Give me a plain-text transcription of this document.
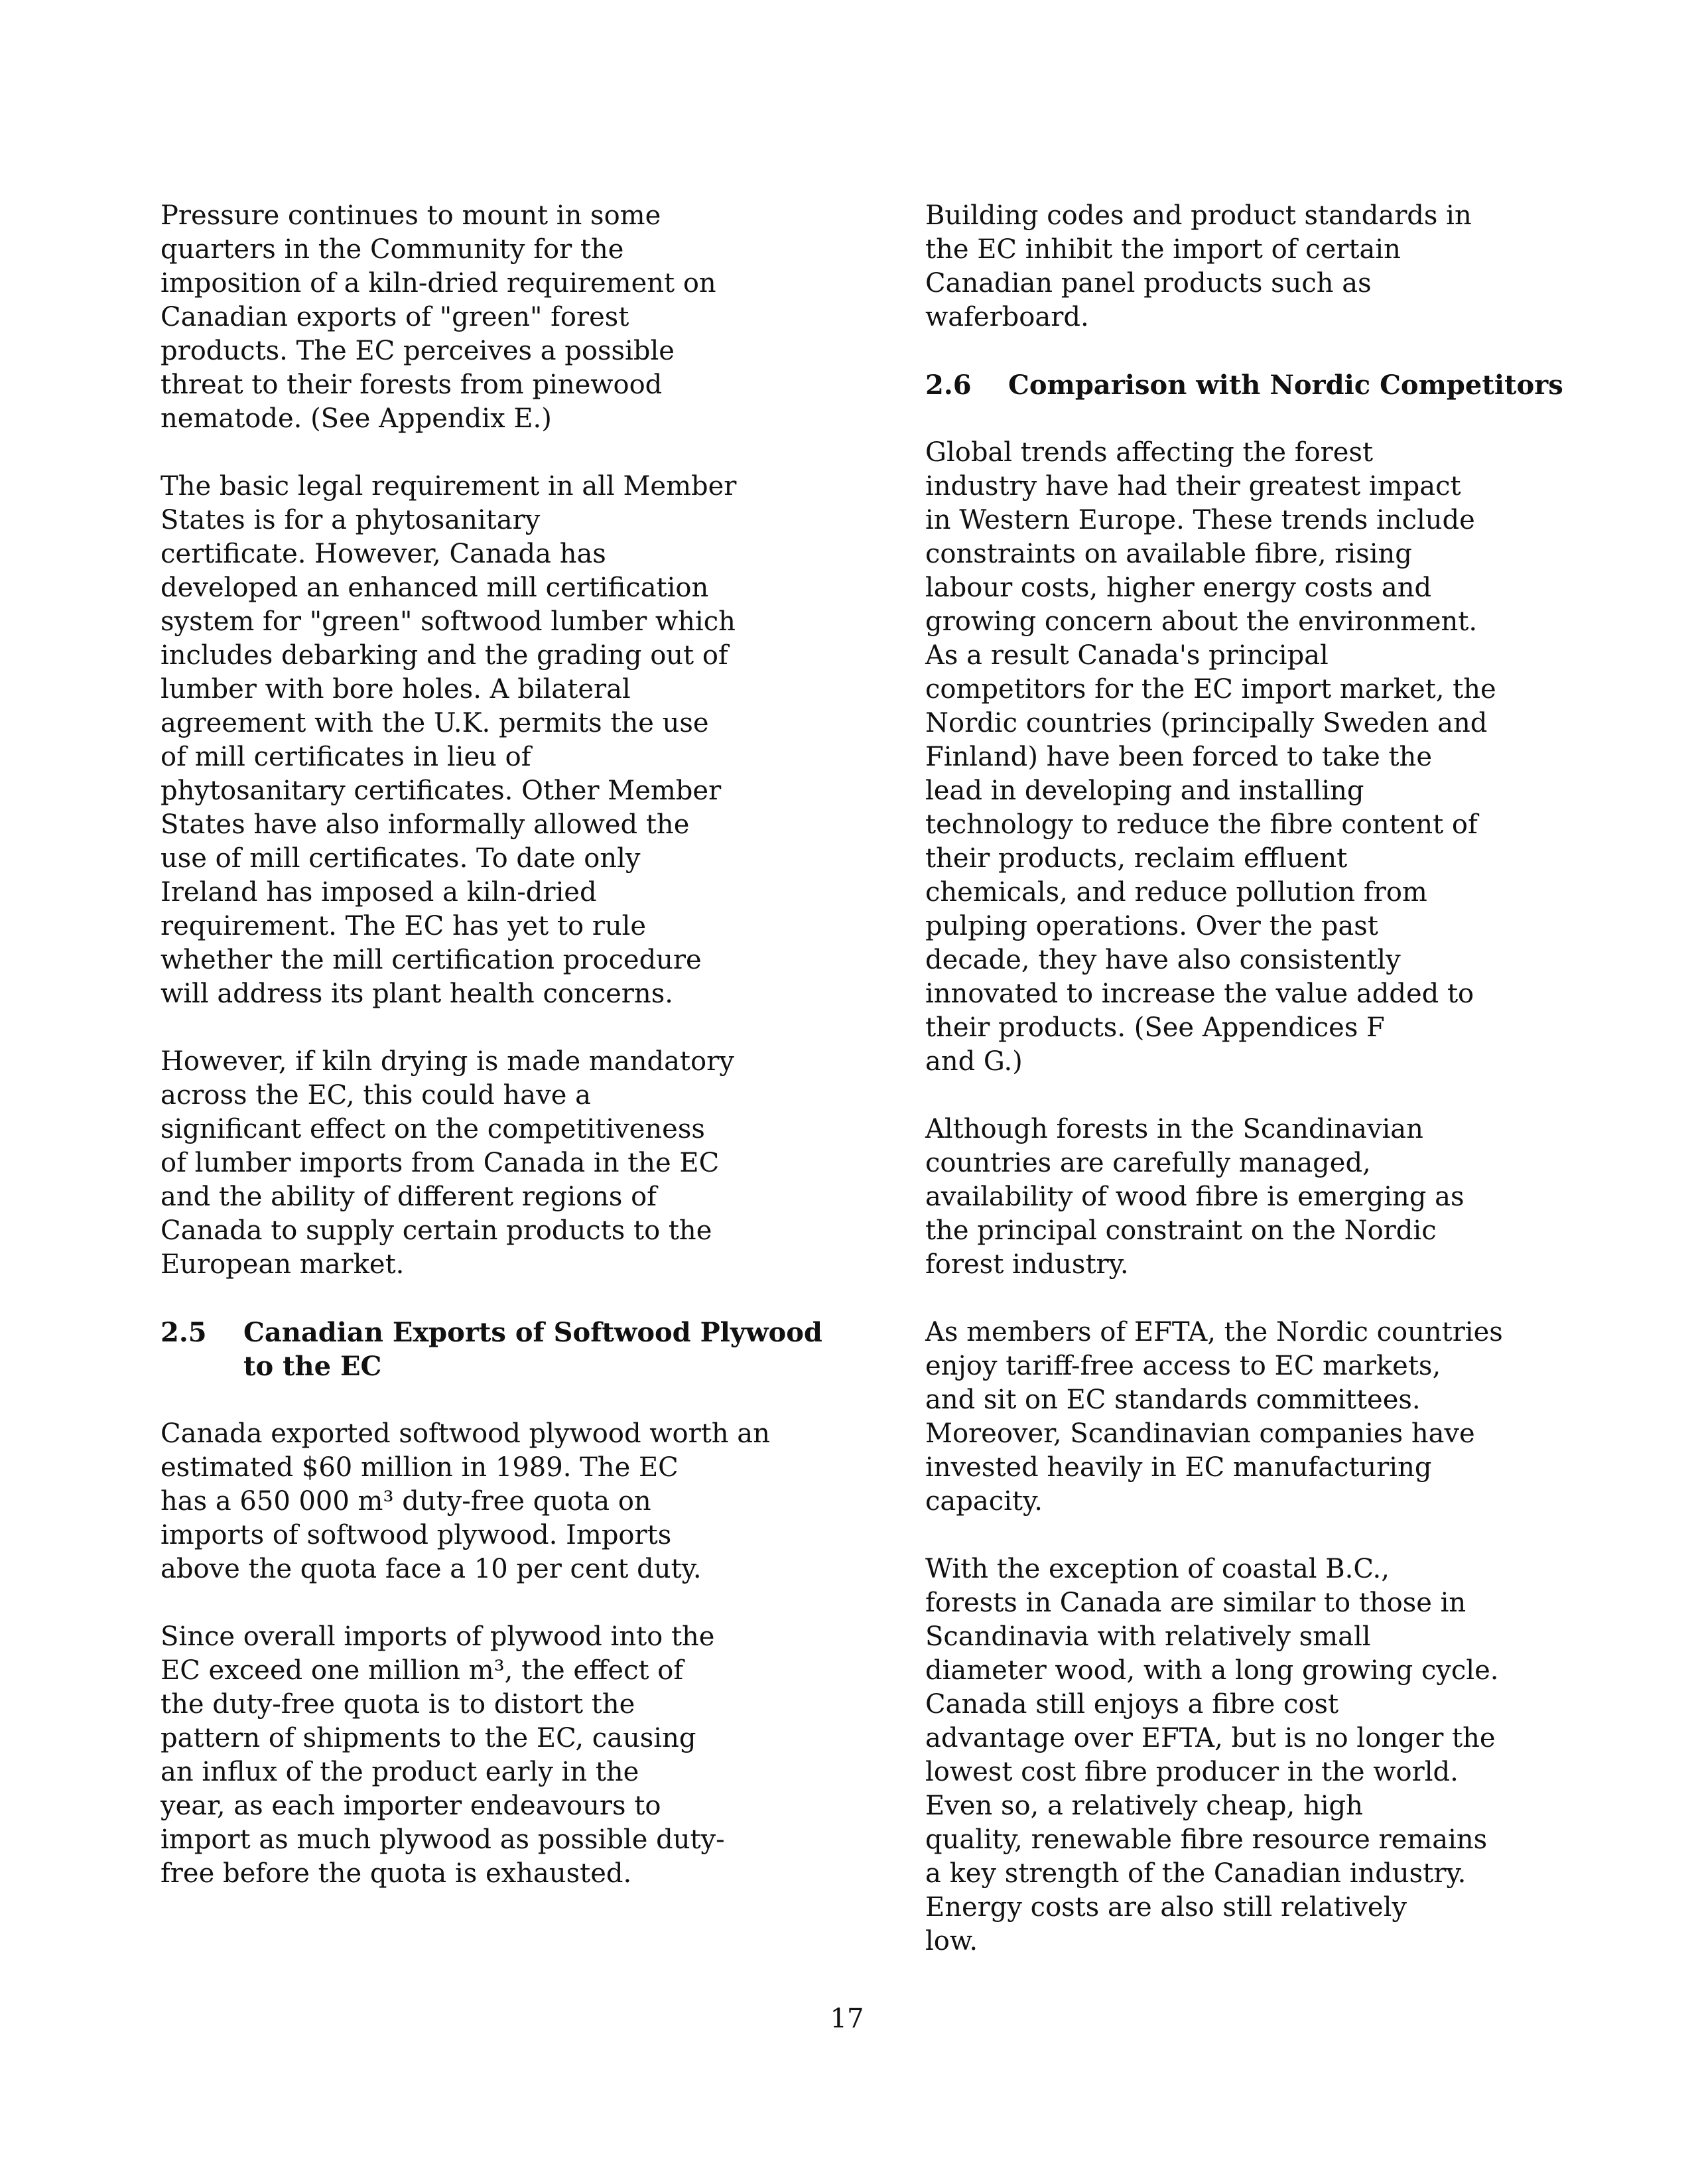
Pressure continues to mount in some
quarters in the Community for the
imposition of a kiln-dried requirement on
Canadian exports of "green" forest
products. The EC perceives a possible
threat to their forests from pinewood
nematode. (See Appendix E.)

The basic legal requirement in all Member
States is for a phytosanitary
certificate. However, Canada has
developed an enhanced mill certification
system for "green" softwood lumber which
includes debarking and the grading out of
lumber with bore holes. A bilateral
agreement with the U.K. permits the use
of mill certificates in lieu of
phytosanitary certificates. Other Member
States have also informally allowed the
use of mill certificates. To date only
Ireland has imposed a kiln-dried
requirement. The EC has yet to rule
whether the mill certification procedure
will address its plant health concerns.

However, if kiln drying is made mandatory
across the EC, this could have a
significant effect on the competitiveness
of lumber imports from Canada in the EC
and the ability of different regions of
Canada to supply certain products to the
European market.

2.5	Canadian Exports of Softwood Plywood
to the EC

Canada exported softwood plywood worth an
estimated $60 million in 1989. The EC
has a 650 000 m³ duty-free quota on
imports of softwood plywood. Imports
above the quota face a 10 per cent duty.

Since overall imports of plywood into the
EC exceed one million m³, the effect of
the duty-free quota is to distort the
pattern of shipments to the EC, causing
an influx of the product early in the
year, as each importer endeavours to
import as much plywood as possible duty-
free before the quota is exhausted.

Building codes and product standards in
the EC inhibit the import of certain
Canadian panel products such as
waferboard.

2.6	Comparison with Nordic Competitors

Global trends affecting the forest
industry have had their greatest impact
in Western Europe. These trends include
constraints on available fibre, rising
labour costs, higher energy costs and
growing concern about the environment.
As a result Canada's principal
competitors for the EC import market, the
Nordic countries (principally Sweden and
Finland) have been forced to take the
lead in developing and installing
technology to reduce the fibre content of
their products, reclaim effluent
chemicals, and reduce pollution from
pulping operations. Over the past
decade, they have also consistently
innovated to increase the value added to
their products. (See Appendices F
and G.)

Although forests in the Scandinavian
countries are carefully managed,
availability of wood fibre is emerging as
the principal constraint on the Nordic
forest industry.

As members of EFTA, the Nordic countries
enjoy tariff-free access to EC markets,
and sit on EC standards committees.
Moreover, Scandinavian companies have
invested heavily in EC manufacturing
capacity.

With the exception of coastal B.C.,
forests in Canada are similar to those in
Scandinavia with relatively small
diameter wood, with a long growing cycle.
Canada still enjoys a fibre cost
advantage over EFTA, but is no longer the
lowest cost fibre producer in the world.
Even so, a relatively cheap, high
quality, renewable fibre resource remains
a key strength of the Canadian industry.
Energy costs are also still relatively
low.

17
